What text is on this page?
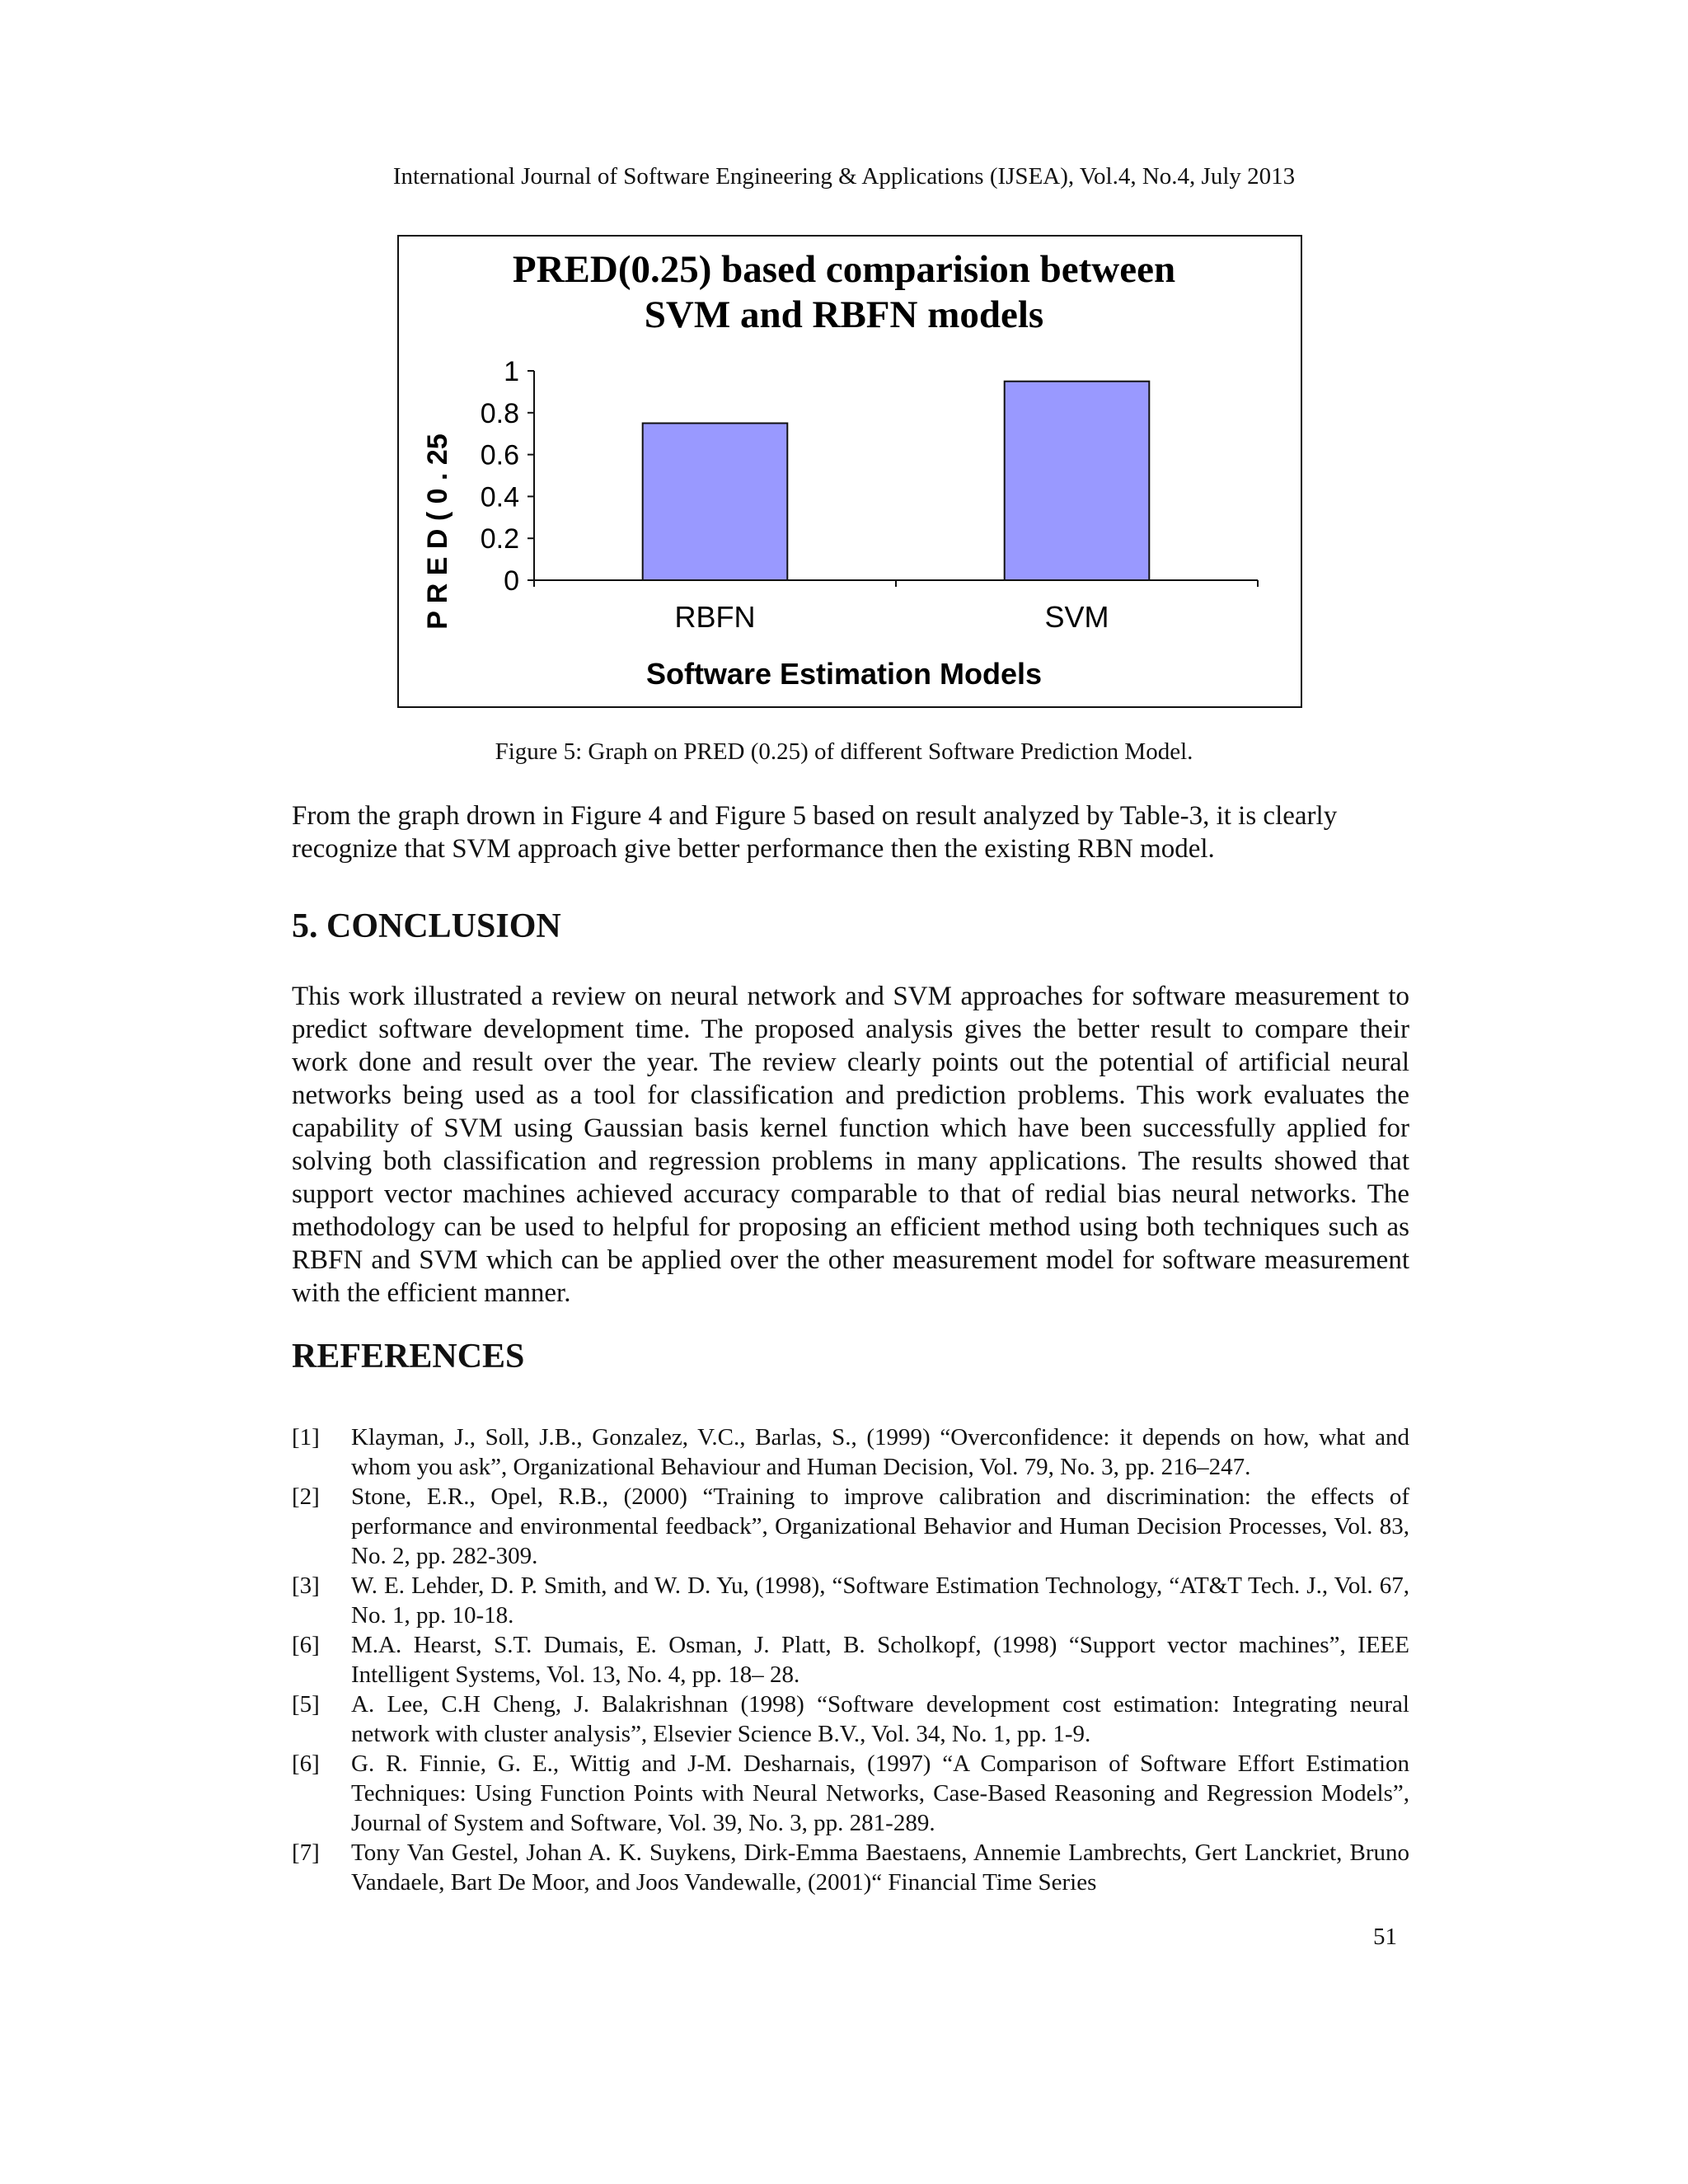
International Journal of Software Engineering & Applications (IJSEA), Vol.4, No.4, July 2013
PRED(0.25) based comparision between
SVM and RBFN models
P R E D ( 0 . 25
Software Estimation Models
0
0.2
0.4
0.6
0.8
1
RBFN	SVM
Figure 5: Graph on PRED (0.25) of different Software Prediction Model.

From the graph drown in Figure 4 and Figure 5 based on result analyzed by Table-3, it is clearly recognize that SVM approach give better performance then the existing RBN model.

5. CONCLUSION

This work illustrated a review on neural network and SVM approaches for software measurement to predict software development time. The proposed analysis gives the better result to compare their work done and result over the year. The review clearly points out the potential of artificial neural networks being used as a tool for classification and prediction problems. This work evaluates the capability of SVM using Gaussian basis kernel function which have been successfully applied for solving both classification and regression problems in many applications. The results showed that support vector machines achieved accuracy comparable to that of redial bias neural networks. The methodology can be used to helpful for proposing an efficient method using both techniques such as RBFN and SVM which can be applied over the other measurement model for software measurement with the efficient manner.

REFERENCES
[1]	Klayman, J., Soll, J.B., Gonzalez, V.C., Barlas, S., (1999) “Overconfidence: it depends on how, what and whom you ask”, Organizational Behaviour and Human Decision, Vol. 79, No. 3, pp. 216–247.
[2]	Stone, E.R., Opel, R.B., (2000) “Training to improve calibration and discrimination: the effects of performance and environmental feedback”, Organizational Behavior and Human Decision Processes, Vol. 83, No. 2, pp. 282-309.
[3]	W. E. Lehder, D. P. Smith, and W. D. Yu, (1998), “Software Estimation Technology, “AT&T Tech. J., Vol. 67, No. 1, pp. 10-18.
[6]	M.A. Hearst, S.T. Dumais, E. Osman, J. Platt, B. Scholkopf, (1998) “Support vector machines”, IEEE Intelligent Systems, Vol. 13, No. 4, pp. 18– 28.
[5]	A. Lee, C.H Cheng, J. Balakrishnan (1998) “Software development cost estimation: Integrating neural network with cluster analysis”, Elsevier Science B.V., Vol. 34, No. 1, pp. 1-9.
[6]	G. R. Finnie, G. E., Wittig and J-M. Desharnais, (1997) “A Comparison of Software Effort Estimation Techniques: Using Function Points with Neural Networks, Case-Based Reasoning and Regression Models”, Journal of System and Software, Vol. 39, No. 3, pp. 281-289.
[7]	Tony Van Gestel, Johan A. K. Suykens, Dirk-Emma Baestaens, Annemie Lambrechts, Gert Lanckriet, Bruno Vandaele, Bart De Moor, and Joos Vandewalle, (2001)“ Financial Time Series
51
